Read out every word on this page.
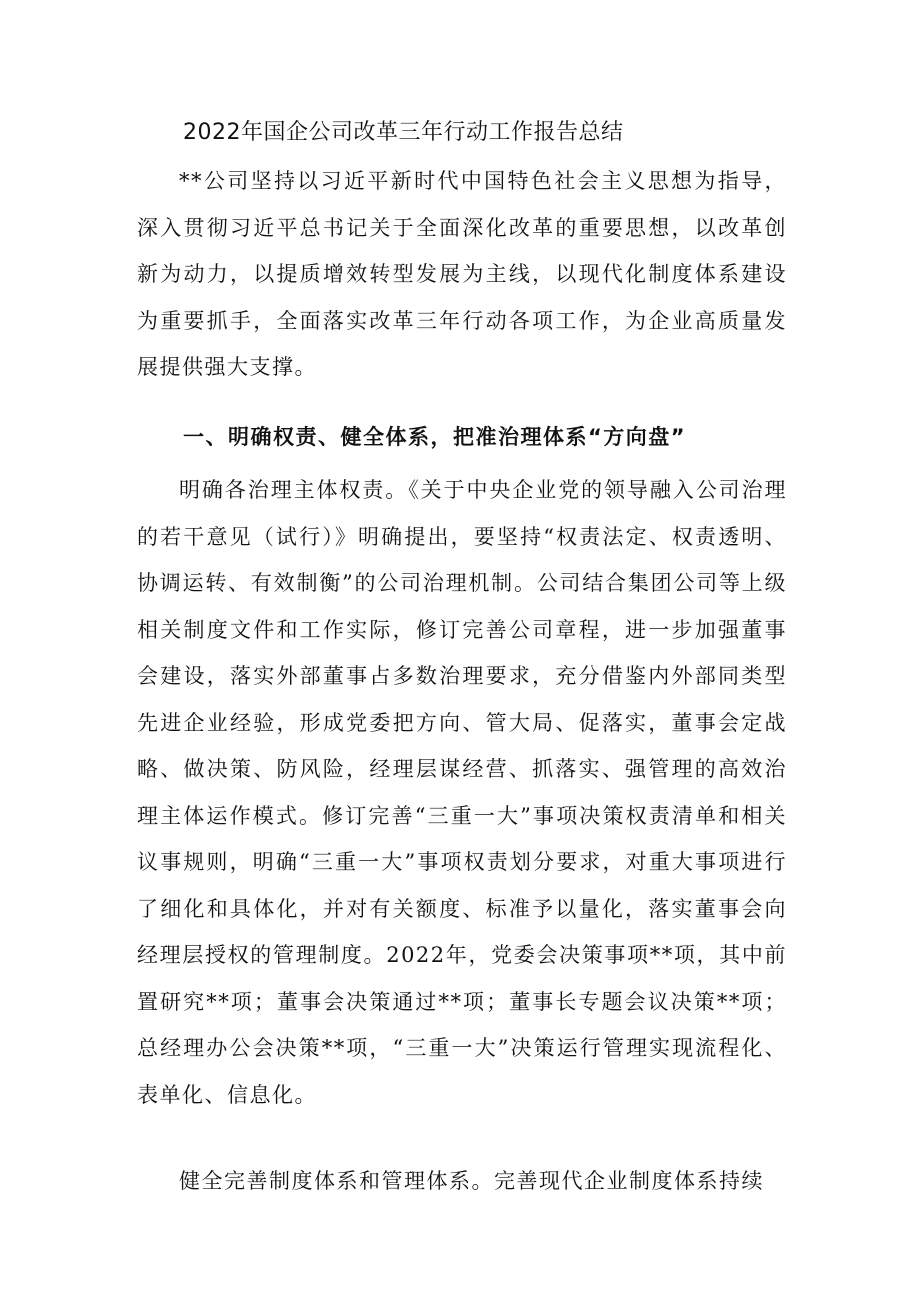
2022年国企公司改革三年行动工作报告总结

**公司坚持以习近平新时代中国特色社会主义思想为指导，深入贯彻习近平总书记关于全面深化改革的重要思想，以改革创新为动力，以提质增效转型发展为主线，以现代化制度体系建设为重要抓手，全面落实改革三年行动各项工作，为企业高质量发展提供强大支撑。

一、明确权责、健全体系，把准治理体系“方向盘”

明确各治理主体权责。《关于中央企业党的领导融入公司治理的若干意见（试行）》明确提出，要坚持“权责法定、权责透明、协调运转、有效制衡”的公司治理机制。公司结合集团公司等上级相关制度文件和工作实际，修订完善公司章程，进一步加强董事会建设，落实外部董事占多数治理要求，充分借鉴内外部同类型先进企业经验，形成党委把方向、管大局、促落实，董事会定战略、做决策、防风险，经理层谋经营、抓落实、强管理的高效治理主体运作模式。修订完善“三重一大”事项决策权责清单和相关议事规则，明确“三重一大”事项权责划分要求，对重大事项进行了细化和具体化，并对有关额度、标准予以量化，落实董事会向经理层授权的管理制度。2022年，党委会决策事项**项，其中前置研究**项；董事会决策通过**项；董事长专题会议决策**项；总经理办公会决策**项，“三重一大”决策运行管理实现流程化、表单化、信息化。

健全完善制度体系和管理体系。完善现代企业制度体系持续
